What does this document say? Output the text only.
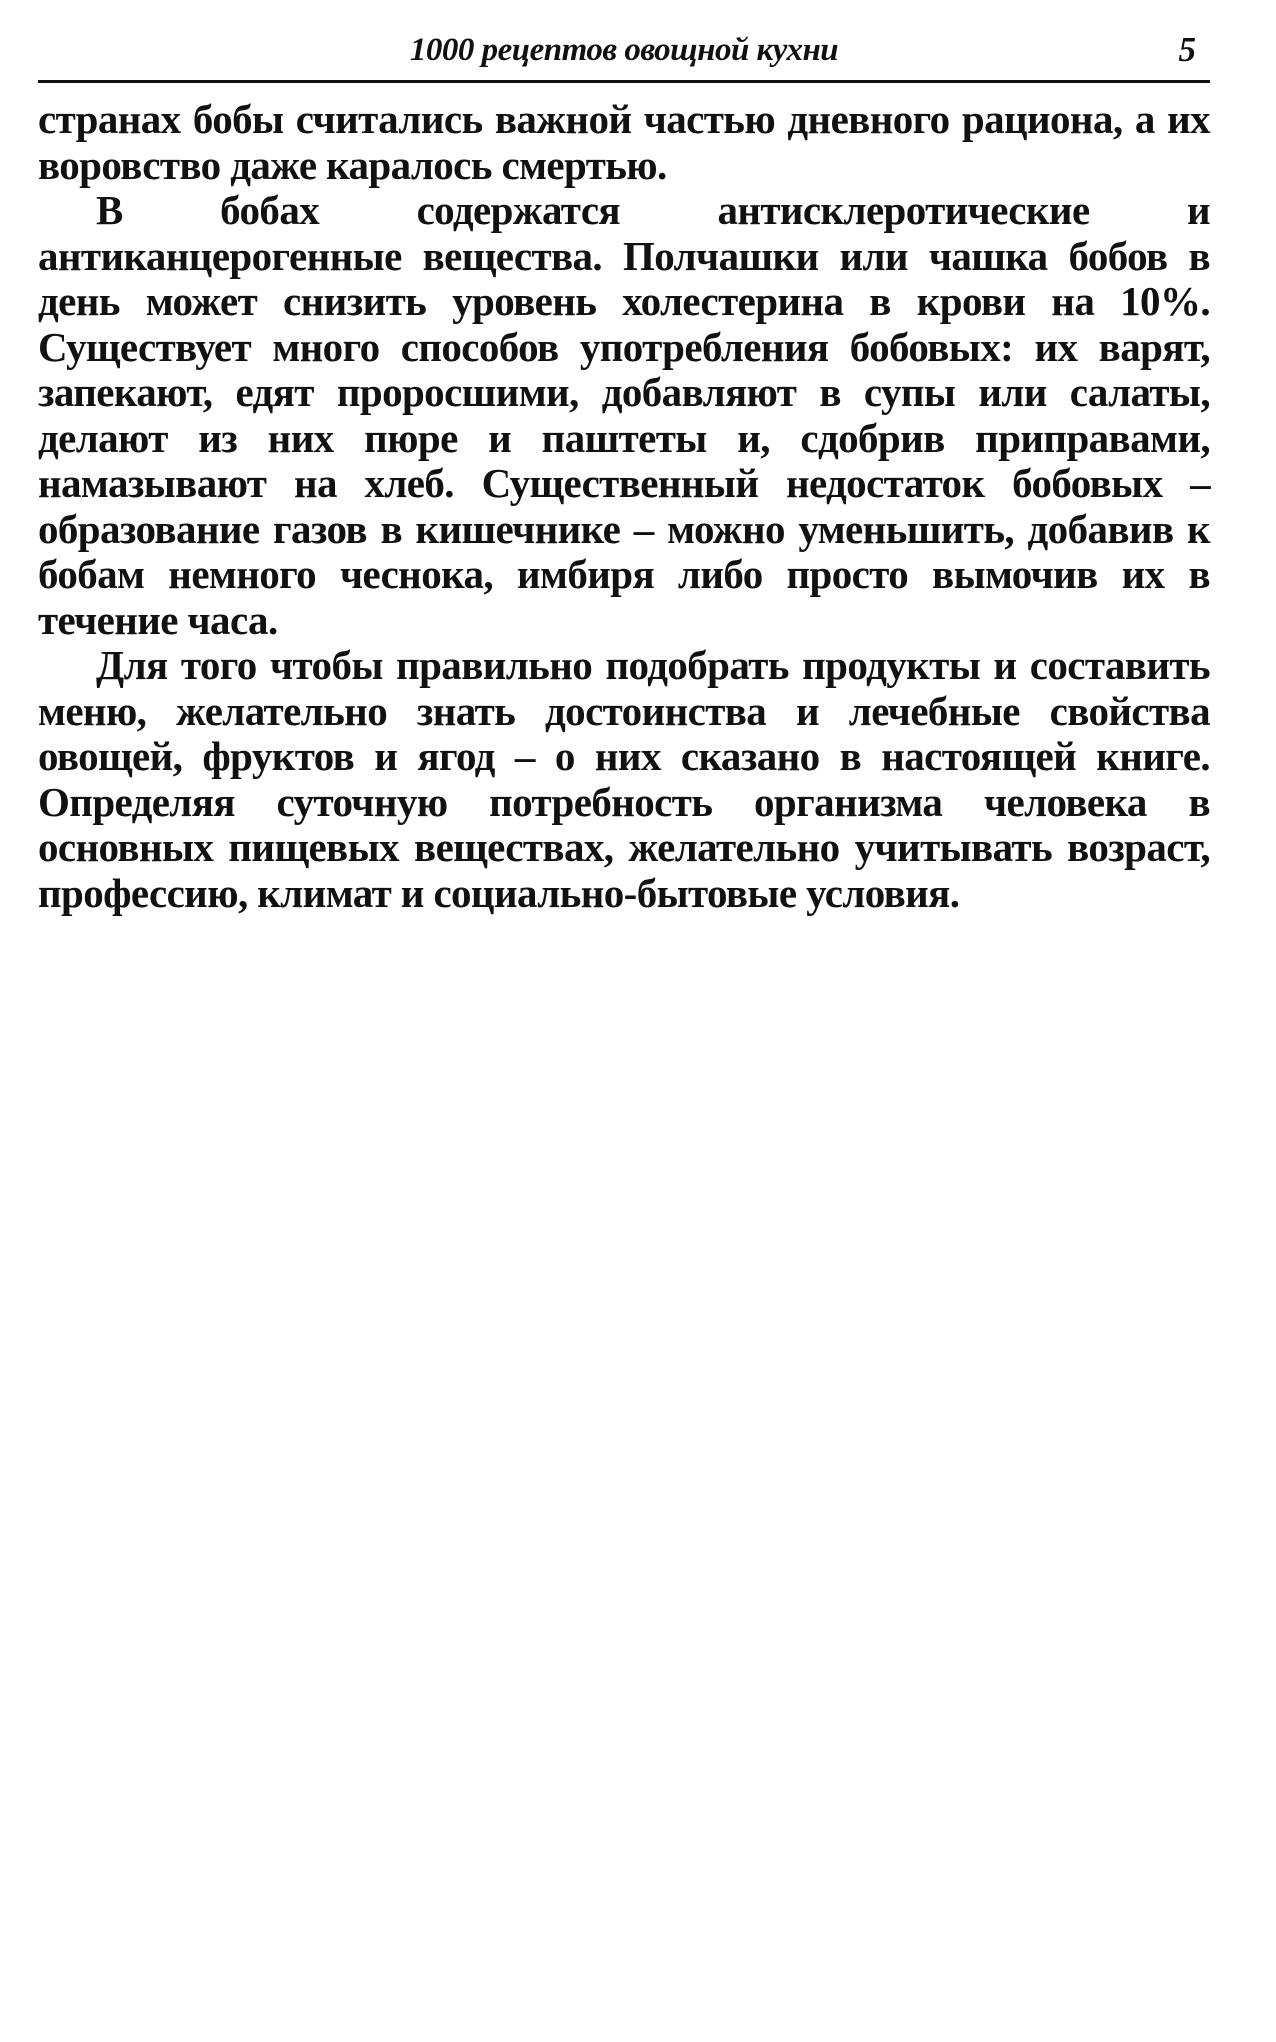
1000 рецептов овощной кухни	5

странах бобы считались важной частью дневного рациона, а их воровство даже каралось смертью.

В бобах содержатся антисклеротические и антиканцерогенные вещества. Полчашки или чашка бобов в день может снизить уровень холестерина в крови на 10%. Существует много способов употребления бобовых: их варят, запекают, едят проросшими, добавляют в супы или салаты, делают из них пюре и паштеты и, сдобрив приправами, намазывают на хлеб. Существенный недостаток бобовых – образование газов в кишечнике – можно уменьшить, добавив к бобам немного чеснока, имбиря либо просто вымочив их в течение часа.

Для того чтобы правильно подобрать продукты и составить меню, желательно знать достоинства и лечебные свойства овощей, фруктов и ягод – о них сказано в настоящей книге. Определяя суточную потребность организма человека в основных пищевых веществах, желательно учитывать возраст, профессию, климат и социально-бытовые условия.
